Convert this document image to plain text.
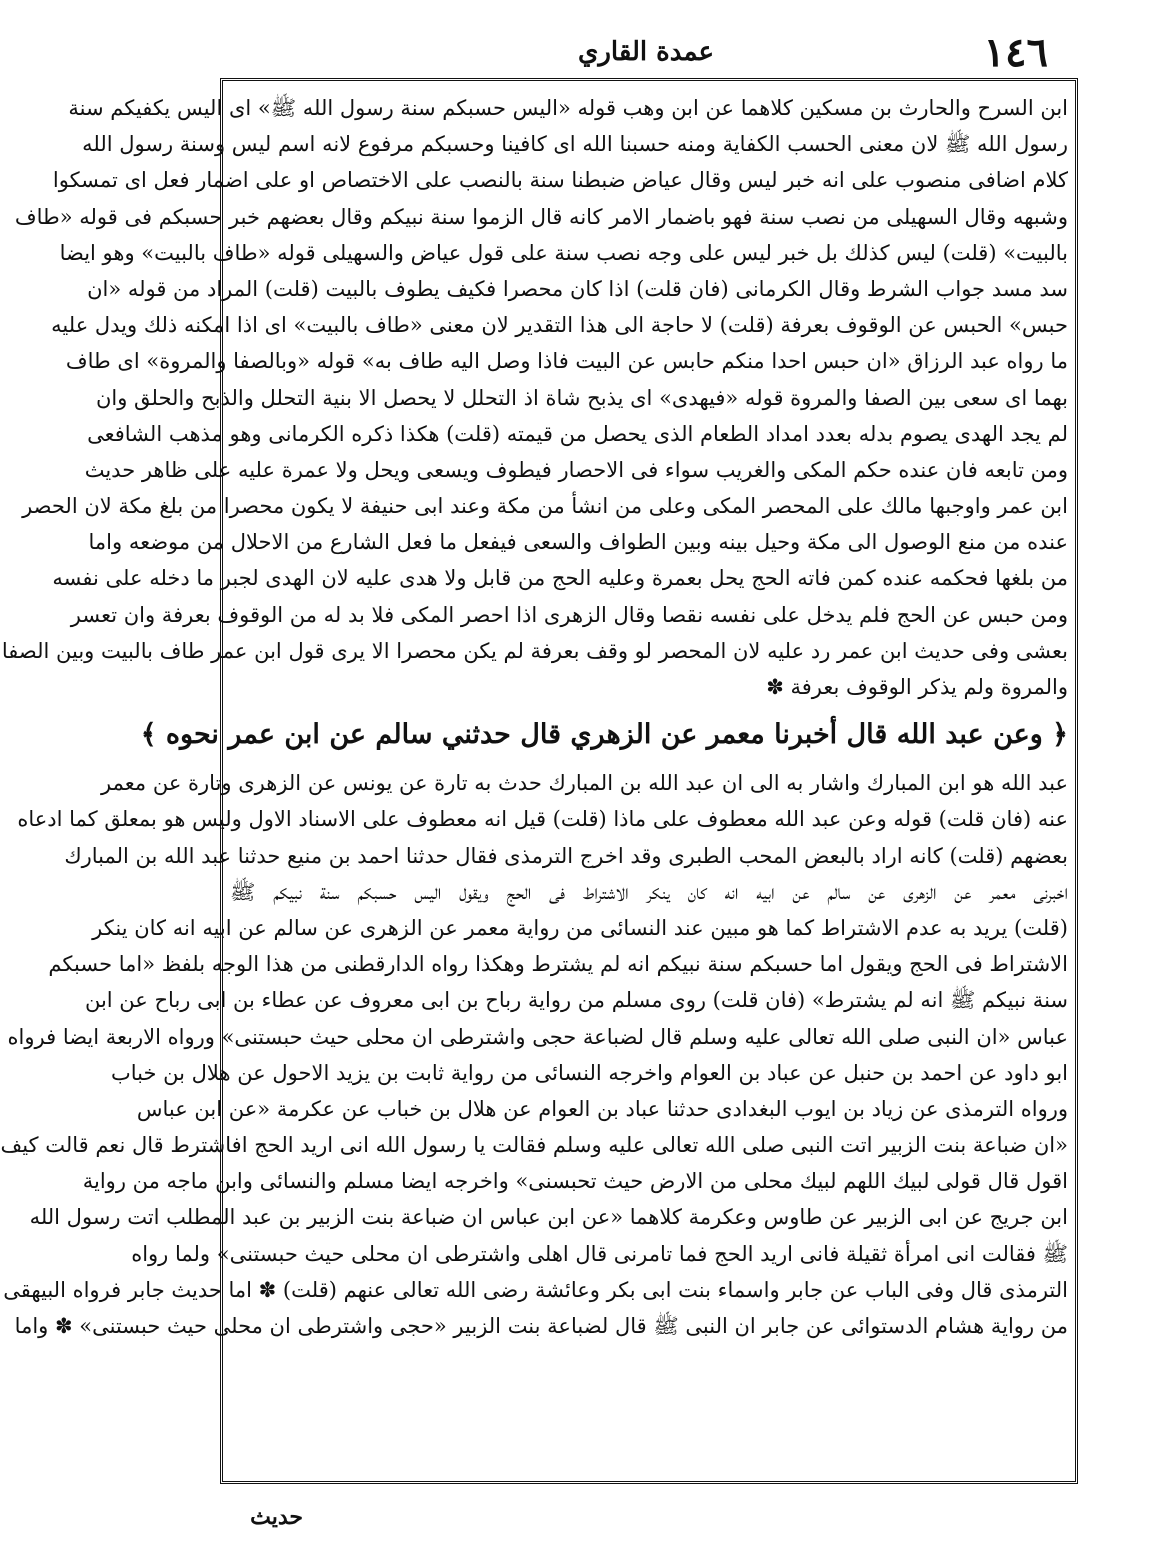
١٤٦
عمدة القاري
ابن السرح والحارث بن مسكين كلاهما عن ابن وهب قوله «اليس حسبكم سنة رسول الله ﷺ» اى اليس يكفيكم سنة
رسول الله ﷺ لان معنى الحسب الكفاية ومنه حسبنا الله اى كافينا وحسبكم مرفوع لانه اسم ليس وسنة رسول الله
كلام اضافى منصوب على انه خبر ليس وقال عياض ضبطنا سنة بالنصب على الاختصاص او على اضمار فعل اى تمسكوا
وشبهه وقال السهيلى من نصب سنة فهو باضمار الامر كانه قال الزموا سنة نبيكم وقال بعضهم خبر حسبكم فى قوله «طاف
بالبيت» (قلت) ليس كذلك بل خبر ليس على وجه نصب سنة على قول عياض والسهيلى قوله «طاف بالبيت» وهو ايضا
سد مسد جواب الشرط وقال الكرمانى (فان قلت) اذا كان محصرا فكيف يطوف بالبيت (قلت) المراد من قوله «ان
حبس» الحبس عن الوقوف بعرفة (قلت) لا حاجة الى هذا التقدير لان معنى «طاف بالبيت» اى اذا امكنه ذلك ويدل عليه
ما رواه عبد الرزاق «ان حبس احدا منكم حابس عن البيت فاذا وصل اليه طاف به» قوله «وبالصفا والمروة» اى طاف
بهما اى سعى بين الصفا والمروة قوله «فيهدى» اى يذبح شاة اذ التحلل لا يحصل الا بنية التحلل والذبح والحلق وان
لم يجد الهدى يصوم بدله بعدد امداد الطعام الذى يحصل من قيمته (قلت) هكذا ذكره الكرمانى وهو مذهب الشافعى
ومن تابعه فان عنده حكم المكى والغريب سواء فى الاحصار فيطوف ويسعى ويحل ولا عمرة عليه على ظاهر حديث
ابن عمر واوجبها مالك على المحصر المكى وعلى من انشأ من مكة وعند ابى حنيفة لا يكون محصرا من بلغ مكة لان الحصر
عنده من منع الوصول الى مكة وحيل بينه وبين الطواف والسعى فيفعل ما فعل الشارع من الاحلال من موضعه واما
من بلغها فحكمه عنده كمن فاته الحج يحل بعمرة وعليه الحج من قابل ولا هدى عليه لان الهدى لجبر ما دخله على نفسه
ومن حبس عن الحج فلم يدخل على نفسه نقصا وقال الزهرى اذا احصر المكى فلا بد له من الوقوف بعرفة وان تعسر
بعشى وفى حديث ابن عمر رد عليه لان المحصر لو وقف بعرفة لم يكن محصرا الا يرى قول ابن عمر طاف بالبيت وبين الصفا
والمروة ولم يذكر الوقوف بعرفة ✽
﴿ وعن عبد الله قال أخبرنا معمر عن الزهري قال حدثني سالم عن ابن عمر نحوه ﴾
عبد الله هو ابن المبارك واشار به الى ان عبد الله بن المبارك حدث به تارة عن يونس عن الزهرى وتارة عن معمر
عنه (فان قلت) قوله وعن عبد الله معطوف على ماذا (قلت) قيل انه معطوف على الاسناد الاول وليس هو بمعلق كما ادعاه
بعضهم (قلت) كانه اراد بالبعض المحب الطبرى وقد اخرج الترمذى فقال حدثنا احمد بن منيع حدثنا عبد الله بن المبارك
اخبرنى معمر عن الزهرى عن سالم عن ابيه انه كان ينكر الاشتراط فى الحج ويقول اليس حسبكم سنة نبيكم ﷺ
(قلت) يريد به عدم الاشتراط كما هو مبين عند النسائى من رواية معمر عن الزهرى عن سالم عن ابيه انه كان ينكر
الاشتراط فى الحج ويقول اما حسبكم سنة نبيكم انه لم يشترط وهكذا رواه الدارقطنى من هذا الوجه بلفظ «اما حسبكم
سنة نبيكم ﷺ انه لم يشترط» (فان قلت) روى مسلم من رواية رباح بن ابى معروف عن عطاء بن ابى رباح عن ابن
عباس «ان النبى صلى الله تعالى عليه وسلم قال لضباعة حجى واشترطى ان محلى حيث حبستنى» ورواه الاربعة ايضا فرواه
ابو داود عن احمد بن حنبل عن عباد بن العوام واخرجه النسائى من رواية ثابت بن يزيد الاحول عن هلال بن خباب
ورواه الترمذى عن زياد بن ايوب البغدادى حدثنا عباد بن العوام عن هلال بن خباب عن عكرمة «عن ابن عباس
«ان ضباعة بنت الزبير اتت النبى صلى الله تعالى عليه وسلم فقالت يا رسول الله انى اريد الحج افاشترط قال نعم قالت كيف
اقول قال قولى لبيك اللهم لبيك محلى من الارض حيث تحبسنى» واخرجه ايضا مسلم والنسائى وابن ماجه من رواية
ابن جريج عن ابى الزبير عن طاوس وعكرمة كلاهما «عن ابن عباس ان ضباعة بنت الزبير بن عبد المطلب اتت رسول الله
ﷺ فقالت انى امرأة ثقيلة فانى اريد الحج فما تامرنى قال اهلى واشترطى ان محلى حيث حبستنى» ولما رواه
الترمذى قال وفى الباب عن جابر واسماء بنت ابى بكر وعائشة رضى الله تعالى عنهم (قلت) ✽ اما حديث جابر فرواه البيهقى
من رواية هشام الدستوائى عن جابر ان النبى ﷺ قال لضباعة بنت الزبير «حجى واشترطى ان محلى حيث حبستنى» ✽ واما
حديث
